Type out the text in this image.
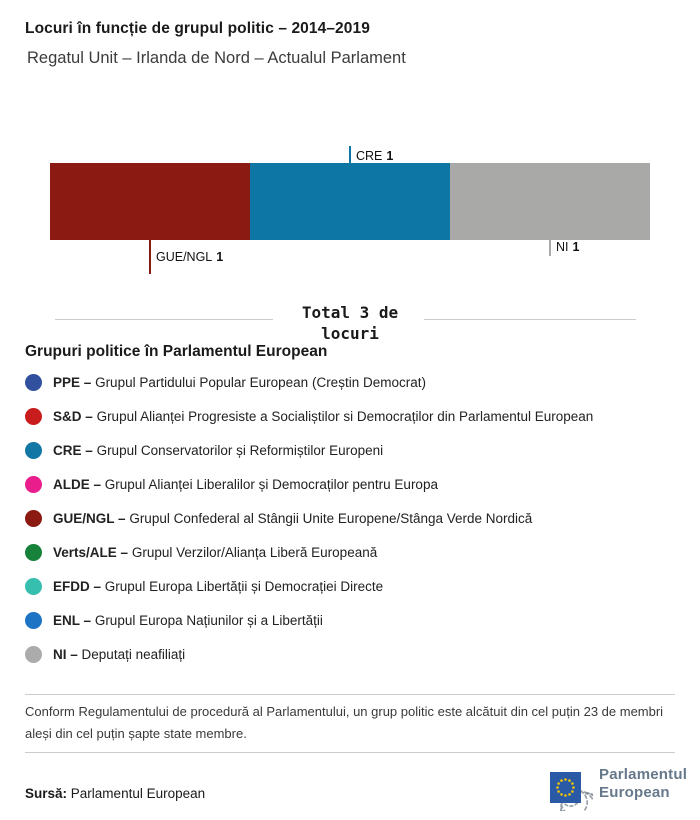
Locuri în funcție de grupul politic – 2014–2019
Regatul Unit – Irlanda de Nord – Actualul Parlament
CRE 1
GUE/NGL 1
NI 1
Total 3 de locuri
Grupuri politice în Parlamentul European
PPE – Grupul Partidului Popular European (Creștin Democrat)
S&D – Grupul Alianței Progresiste a Socialiștilor si Democraților din Parlamentul European
CRE – Grupul Conservatorilor și Reformiștilor Europeni
ALDE – Grupul Alianței Liberalilor și Democraților pentru Europa
GUE/NGL – Grupul Confederal al Stângii Unite Europene/Stânga Verde Nordică
Verts/ALE – Grupul Verzilor/Alianța Liberă Europeană
EFDD – Grupul Europa Libertății și Democrației Directe
ENL – Grupul Europa Națiunilor și a Libertății
NI – Deputați neafiliați
Conform Regulamentului de procedură al Parlamentului, un grup politic este alcătuit din cel puțin 23 de membri aleși din cel puțin șapte state membre.
Sursă: Parlamentul European
Parlamentul
European
